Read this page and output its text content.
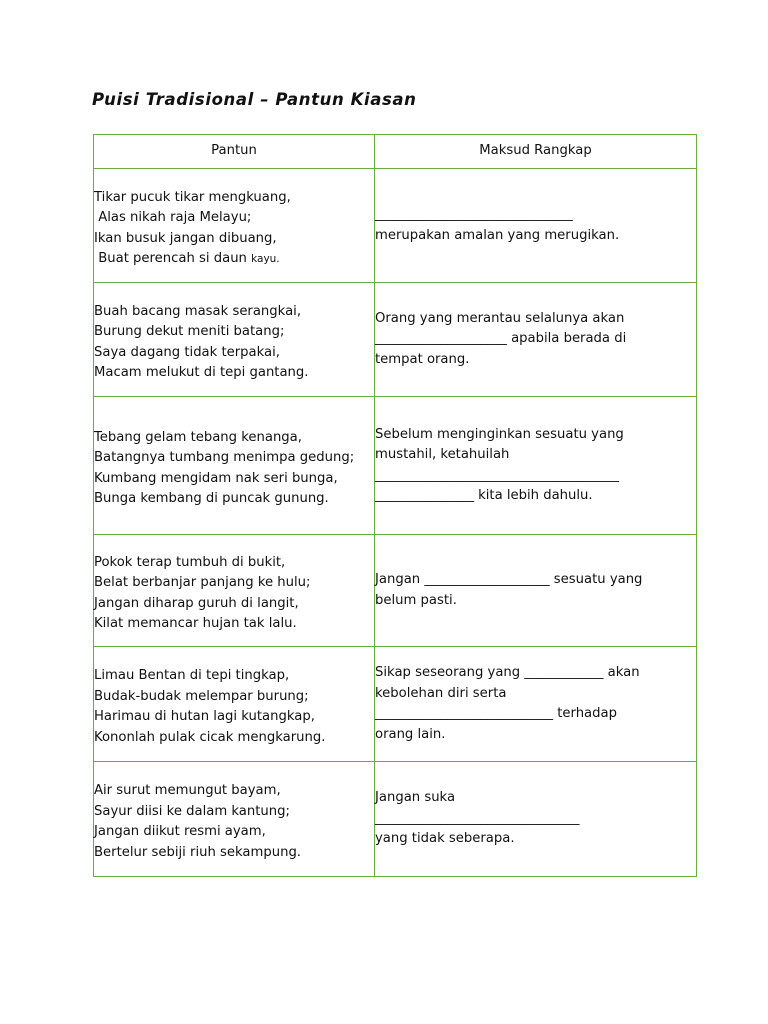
Puisi Tradisional – Pantun Kiasan
Pantun	Maksud Rangkap

Tikar pucuk tikar mengkuang,
Alas nikah raja Melayu;
Ikan busuk jangan dibuang,
Buat perencah si daun kayu.	______________________________
merupakan amalan yang merugikan.

Buah bacang masak serangkai,
Burung dekut meniti batang;
Saya dagang tidak terpakai,
Macam melukut di tepi gantang.	Orang yang merantau selalunya akan
____________________ apabila berada di
tempat orang.

Tebang gelam tebang kenanga,
Batangnya tumbang menimpa gedung;
Kumbang mengidam nak seri bunga,
Bunga kembang di puncak gunung.	Sebelum menginginkan sesuatu yang
mustahil, ketahuilah
_____________________________________
_______________ kita lebih dahulu.

Pokok terap tumbuh di bukit,
Belat berbanjar panjang ke hulu;
Jangan diharap guruh di langit,
Kilat memancar hujan tak lalu.	Jangan ___________________ sesuatu yang
belum pasti.

Limau Bentan di tepi tingkap,
Budak-budak melempar burung;
Harimau di hutan lagi kutangkap,
Kononlah pulak cicak mengkarung.	Sikap seseorang yang ____________ akan
kebolehan diri serta
___________________________ terhadap
orang lain.

Air surut memungut bayam,
Sayur diisi ke dalam kantung;
Jangan diikut resmi ayam,
Bertelur sebiji riuh sekampung.	Jangan suka
_______________________________
yang tidak seberapa.
